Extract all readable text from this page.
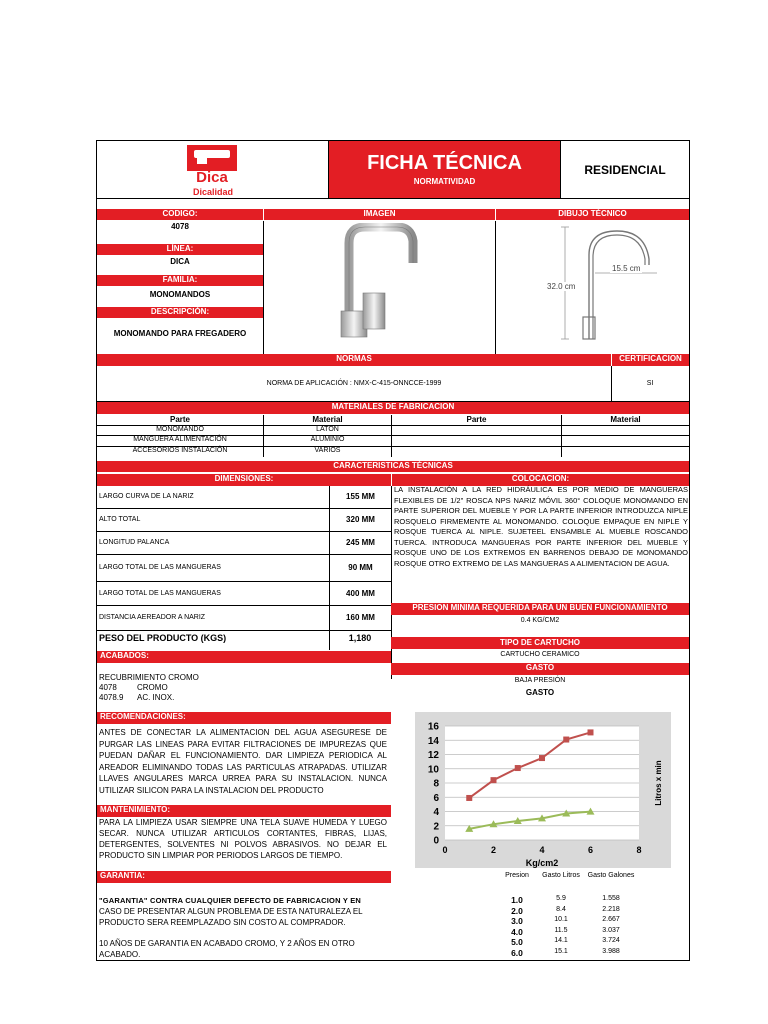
Dica
Dicalidad
FICHA TÉCNICA
NORMATIVIDAD
RESIDENCIAL
CODIGO:	IMAGEN	DIBUJO TÉCNICO
4078
LÍNEA:
DICA
FAMILIA:
MONOMANDOS
DESCRIPCIÓN:
MONOMANDO PARA FREGADERO
15.5 cm
32.0 cm
NORMAS	CERTIFICACION
NORMA DE APLICACIÓN : NMX-C-415-ONNCCE-1999	SI
MATERIALES DE FABRICACION
Parte	Material	Parte	Material
MONOMANDO	LATON
MANGUERA ALIMENTACIÓN	ALUMINIO
ACCESORIOS INSTALACIÓN	VARIOS
CARACTERISTICAS TÉCNICAS
DIMENSIONES:	COLOCACION:
LARGO CURVA DE LA NARIZ	155 MM
ALTO TOTAL	320 MM
LONGITUD PALANCA	245 MM
LARGO TOTAL DE LAS MANGUERAS	90 MM
LARGO TOTAL DE LAS MANGUERAS	400 MM
DISTANCIA AEREADOR A NARIZ	160 MM
LA INSTALACIÓN A LA RED HIDRÁULICA ES POR MEDIO DE MANGUERAS FLEXIBLES DE 1/2" ROSCA NPS NARIZ MÓVIL 360° COLOQUE MONOMANDO EN PARTE SUPERIOR DEL MUEBLE Y POR LA PARTE INFERIOR INTRODUZCA NIPLE ROSQUELO FIRMEMENTE AL MONOMANDO. COLOQUE EMPAQUE EN NIPLE Y ROSQUE TUERCA AL NIPLE. SUJETEEL ENSAMBLE AL MUEBLE ROSCANDO TUERCA. INTRODUCA MANGUERAS POR PARTE INFERIOR DEL MUEBLE Y ROSQUE UNO DE LOS EXTREMOS EN BARRENOS DEBAJO DE MONOMANDO ROSQUE OTRO EXTREMO DE LAS MANGUERAS A ALIMENTACION DE AGUA.
PRESION MINIMA REQUERIDA PARA UN BUEN FUNCIONAMIENTO
0.4 KG/CM2
PESO DEL PRODUCTO (KGS)	1,180	TIPO DE CARTUCHO
CARTUCHO CERAMICO
ACABADOS:
GASTO
BAJA PRESIÓN
GASTO
RECUBRIMIENTO CROMO
4078	CROMO
4078.9 AC. INOX.
RECOMENDACIONES:
ANTES DE CONECTAR LA ALIMENTACION DEL AGUA ASEGURESE DE PURGAR LAS LINEAS PARA EVITAR FILTRACIONES DE IMPUREZAS QUE PUEDAN DAÑAR EL FUNCIONAMIENTO. DAR LIMPIEZA PERIODICA AL AREADOR ELIMINANDO TODAS LAS PARTICULAS ATRAPADAS. UTILIZAR LLAVES ANGULARES MARCA URREA PARA SU INSTALACION. NUNCA UTILIZAR SILICON PARA LA INSTALACION DEL PRODUCTO
MANTENIMIENTO:
PARA LA LIMPIEZA USAR SIEMPRE UNA TELA SUAVE HUMEDA Y LUEGO SECAR. NUNCA UTILIZAR ARTICULOS CORTANTES, FIBRAS, LIJAS, DETERGENTES, SOLVENTES NI POLVOS ABRASIVOS. NO DEJAR EL PRODUCTO SIN LIMPIAR POR PERIODOS LARGOS DE TIEMPO.
GARANTIA:
"GARANTIA" CONTRA CUALQUIER DEFECTO DE FABRICACION Y EN
CASO DE PRESENTAR ALGUN PROBLEMA DE ESTA NATURALEZA EL PRODUCTO SERA REEMPLAZADO SIN COSTO AL COMPRADOR.
10 AÑOS DE GARANTIA EN ACABADO CROMO, Y 2 AÑOS EN OTRO ACABADO.
0
2
4
6
8
10
12
14
16
0	2	4	6	8
Kg/cm2
Litros x min
Presion	Gasto Litros	Gasto Galones
1.0	5.9	1.558
2.0	8.4	2.218
3.0	10.1	2.667
4.0	11.5	3.037
5.0	14.1	3.724
6.0	15.1	3.988
